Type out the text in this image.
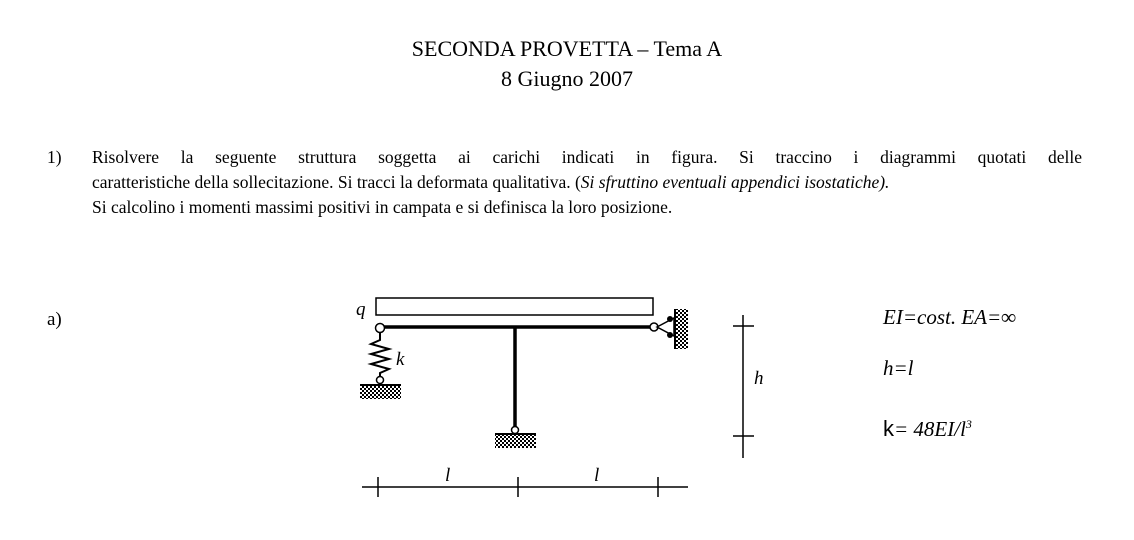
SECONDA PROVETTA – Tema A
8 Giugno 2007
1) Risolvere la seguente struttura soggetta ai carichi indicati in figura. Si traccino i diagrammi quotati delle
caratteristiche della sollecitazione. Si tracci la deformata qualitativa. (Si sfruttino eventuali appendici isostatiche).
Si calcolino i momenti massimi positivi in campata e si definisca la loro posizione.
a)	q
k
h
l	l
EI=cost. EA=∞
h=l
$k= 48EI/l^3$
